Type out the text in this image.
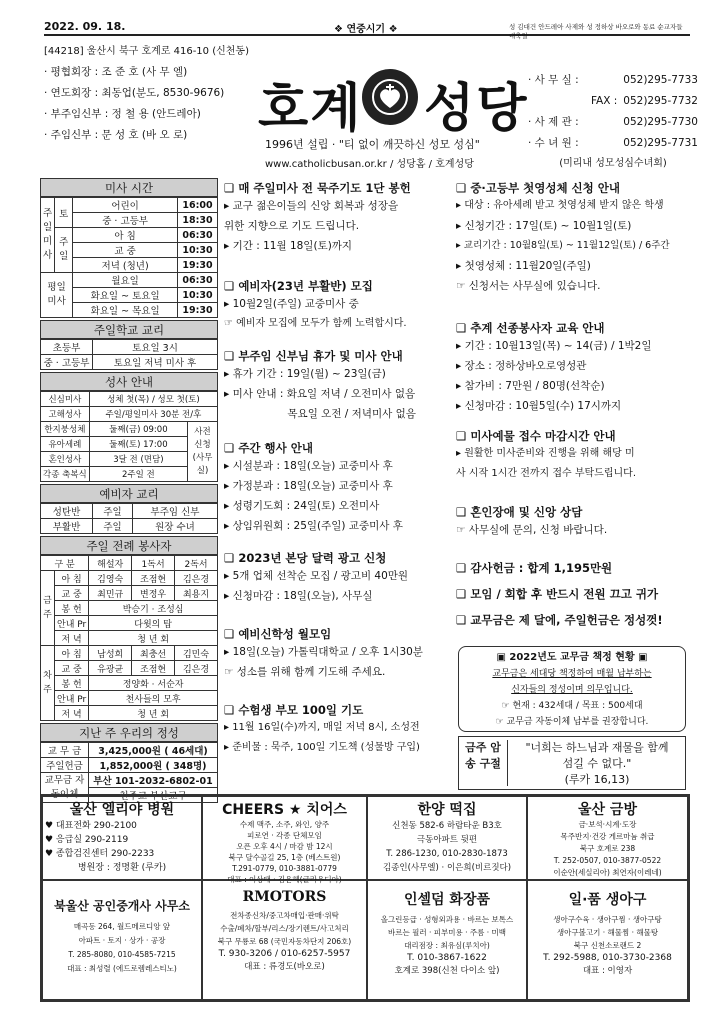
2022. 09. 18.	❖ 연중시기 ❖	성 김대건 안드레아 사제와 성 정하상 바오로와 동료 순교자들 대축일
[44218] 울산시 북구 호계로 416-10 (신천동)
· 평협회장 : 조 준 호 (사 무 엘)
· 연도회장 : 최동업(분도, 8530-9676)
· 부주임신부 : 정 철 용 (안드레아)
· 주임신부 : 문 성 호 (바 오 로)	호계 성당
1996년 설립 · "티 없이 깨끗하신 성모 성심"
www.catholicbusan.or.kr / 성당홈 / 호계성당
· 사 무 실 :	052)295-7733
FAX : 052)295-7732
· 사 제 관 :	052)295-7730
· 수 녀 원 :	052)295-7731
(미리내 성모성심수녀회)
미사 시간
주일미사	토	어린이	16:00
		중 · 고등부	18:30
	주일	아 침	06:30
		교 중	10:30
		저녁 (청년)	19:30
평일미사		월요일	06:30
		화요일 ~ 토요일	10:30
		화요일 ~ 목요일	19:30
주일학교 교리
초등부	토요일 3시
중 · 고등부	토요일 저녁 미사 후
성사 안내
신심미사	성체 첫(목) / 성모 첫(토)	
고해성사	주일/평일미사 30분 전/후	
한지붕성체	둘째(금) 09:00	사전 신청 (사무실)
유아세례	둘째(토) 17:00	
혼인성사	3달 전 (면담)	
각종 축복식	2주일 전	
예비자 교리
성탄반	주일	부주임 신부
부활반	주일	원장 수녀
주일 전례 봉사자
구 분		해설자	1독서	2독서
금주	아 침	김영숙	조점현	김은경
	교 중	최민규	변정우	최용지
	봉 헌	박승기 · 조성심		
	안내 Pr	다윗의 탑		
	저 녁	청 년 회		
차주	아 침	남성희	최충선	김민숙
	교 중	유광균	조점현	김은경
	봉 헌	정양화 · 서순자		
	안내 Pr	천사들의 모후		
	저 녁	청 년 회		
지난 주 우리의 정성
교 무 금	3,425,000원 ( 46세대)
주일헌금	1,852,000원 ( 348명)
교무금 자동이체	부산 101-2032-6802-01
	천주교 부산교구
❑ 매 주일미사 전 묵주기도 1단 봉헌
▸ 교구 젊은이들의 신앙 회복과 성장을
위한 지향으로 기도 드립니다.
▸ 기간 : 11월 18일(토)까지
❑ 예비자(23년 부활반) 모집
▸ 10월2일(주일) 교중미사 중
☞ 예비자 모집에 모두가 함께 노력합시다.
❑ 부주임 신부님 휴가 및 미사 안내
▸ 휴가 기간 : 19일(월) ~ 23일(금)
▸ 미사 안내 : 화요일 저녁 / 오전미사 없음
목요일 오전 / 저녁미사 없음
❑ 주간 행사 안내
▸ 시설분과 : 18일(오늘) 교중미사 후
▸ 가정분과 : 18일(오늘) 교중미사 후
▸ 성령기도회 : 24일(토) 오전미사
▸ 상임위원회 : 25일(주일) 교중미사 후
❑ 2023년 본당 달력 광고 신청
▸ 5개 업체 선착순 모집 / 광고비 40만원
▸ 신청마감 : 18일(오늘), 사무실
❑ 예비신학성 월모임
▸ 18일(오늘) 가톨릭대학교 / 오후 1시30분
☞ 성소를 위해 함께 기도해 주세요.
❑ 수험생 부모 100일 기도
▸ 11월 16일(수)까지, 매일 저녁 8시, 소성전
▸ 준비물 : 묵주, 100일 기도책 (성물방 구입)
❑ 중·고등부 첫영성체 신청 안내
▸ 대상 : 유아세례 받고 첫영성체 받지 않은 학생
▸ 신청기간 : 17일(토) ~ 10월1일(토)
▸ 교리기간 : 10월8일(토) ~ 11월12일(토) / 6주간
▸ 첫영성체 : 11월20일(주일)
☞ 신청서는 사무실에 있습니다.
❑ 추계 선종봉사자 교육 안내
▸ 기간 : 10월13일(목) ~ 14(금) / 1박2일
▸ 장소 : 정하상바오로영성관
▸ 참가비 : 7만원 / 80명(선착순)
▸ 신청마감 : 10월5일(수) 17시까지
❑ 미사예물 접수 마감시간 안내
▸ 원활한 미사준비와 진행을 위해 해당 미
사 시작 1시간 전까지 접수 부탁드립니다.
❑ 혼인장애 및 신앙 상담
☞ 사무실에 문의, 신청 바랍니다.
❑ 감사헌금 : 합계 1,195만원
❑ 모임 / 회합 후 반드시 전원 끄고 귀가
❑ 교무금은 제 달에, 주일헌금은 정성껏!
▣ 2022년도 교무금 책정 현황 ▣
교무금은 세대당 책정하여 매월 납부하는
신자들의 정성이며 의무입니다.
☞ 현재 : 432세대 / 목표 : 500세대
☞ 교무금 자동이체 납부를 권장합니다.
금주 암송 구절
"너희는 하느님과 재물을 함께
섬길 수 없다."
(루카 16,13)
울산 엘리야 병원
♥ 대표전화 290-2100
♥ 응급실 290-2119
♥ 종합검진센터 290-2233
병원장 : 정명환 (루카)
CHEERS ★ 치어스
수제 맥주, 소주, 와인, 양주
피로연 · 각종 단체모임
오픈 오후 4시 / 마감 밤 12시
북구 달수골길 25, 1층 (베스트원)
T.291-0779, 010-3881-0779
대표 : 이상태 · 김은혜(글라우디아)
한양 떡집
신천동 582-6 하람타운 B3호
극동아파트 뒷편
T. 286-1230, 010-2830-1873
김종인(사무엘) · 이은희(비르짓다)
울산 금방
금·보석·시계·도장
목주반지·건강 게르마늄 취급
북구 호계로 238
T. 252-0507, 010-3877-0522
이순안(세실리아) 최연자(이레네)
북울산 공인중개사 사무소
매곡동 264, 월드메르디앙 앞
아파트 · 토지 · 상가 · 공장
T. 285-8080, 010-4585-7215
대표 : 최성렬 (에드로렘레스티노)
RMOTORS
전차종신차/중고차매입·판매·위탁
수출/폐차/할부/리스/장기렌트/사고처리
북구 무룡로 68 (국민자동차단지 206호)
T. 930-3206 / 010-6257-5957
대표 : 류경도(바오로)
인셀덤 화장품
올그린등급 · 성형외과용 · 바르는 보톡스
바르는 필러 · 피부미용 · 주름 · 미백
대리점장 : 최유심(루치아)
T. 010-3867-1622
호계로 398(신천 다이소 앞)
일·품 생아구
생아구수육 · 생아구찜 · 생아구탕
생아구볼고기 · 해물찜 · 해물탕
북구 신천소로랜드 2
T. 292-5988, 010-3730-2368
대표 : 이영자
